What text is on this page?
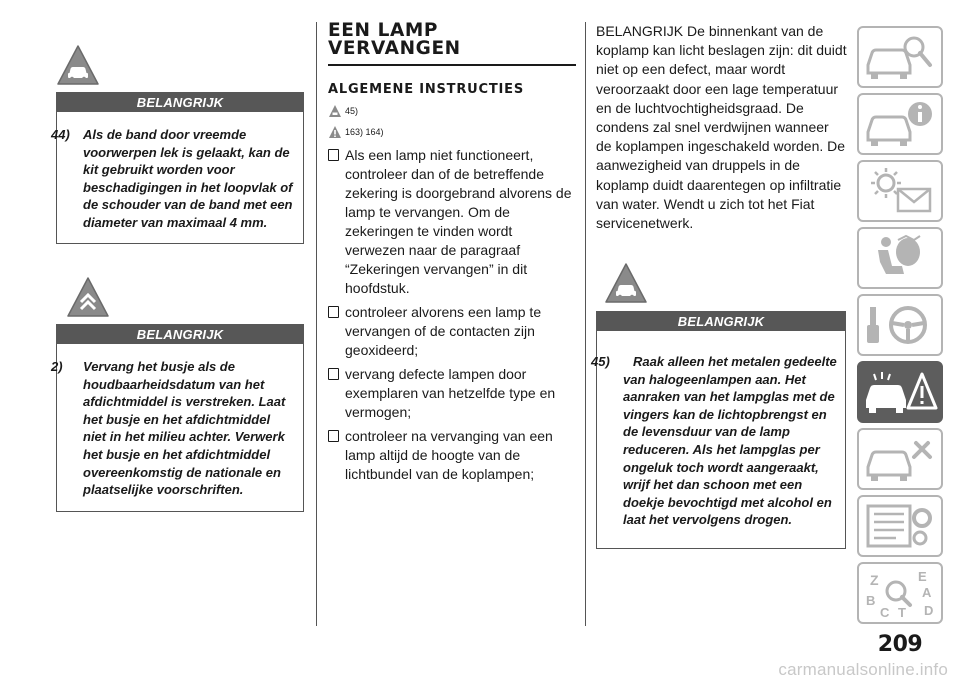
BELANGRIJK

44) Als de band door vreemde voorwerpen lek is gelaakt, kan de kit gebruikt worden voor beschadigingen in het loopvlak of de schouder van de band met een diameter van maximaal 4 mm.

BELANGRIJK

2) Vervang het busje als de houdbaarheidsdatum van het afdichtmiddel is verstreken. Laat het busje en het afdichtmiddel niet in het milieu achter. Verwerk het busje en het afdichtmiddel overeenkomstig de nationale en plaatselijke voorschriften.

EEN LAMP
VERVANGEN
ALGEMENE INSTRUCTIES
45)
163) 164)
Als een lamp niet functioneert, controleer dan of de betreffende zekering is doorgebrand alvorens de lamp te vervangen. Om de zekeringen te vinden wordt verwezen naar de paragraaf “Zekeringen vervangen” in dit hoofdstuk.
controleer alvorens een lamp te vervangen of de contacten zijn geoxideerd;
vervang defecte lampen door exemplaren van hetzelfde type en vermogen;
controleer na vervanging van een lamp altijd de hoogte van de lichtbundel van de koplampen;
BELANGRIJK De binnenkant van de koplamp kan licht beslagen zijn: dit duidt niet op een defect, maar wordt veroorzaakt door een lage temperatuur en de luchtvochtigheidsgraad. De condens zal snel verdwijnen wanneer de koplampen ingeschakeld worden. De aanwezigheid van druppels in de koplamp duidt daarentegen op infiltratie van water. Wendt u zich tot het Fiat servicenetwerk.
BELANGRIJK

45) Raak alleen het metalen gedeelte van halogeenlampen aan. Het aanraken van het lampglas met de vingers kan de lichtopbrengst en de levensduur van de lamp reduceren. Als het lampglas per ongeluk toch wordt aangeraakt, wrijf het dan schoon met een doekje bevochtigd met alcohol en laat het vervolgens drogen.

Z	E
A
B
C T D
209
carmanualsonline.info
